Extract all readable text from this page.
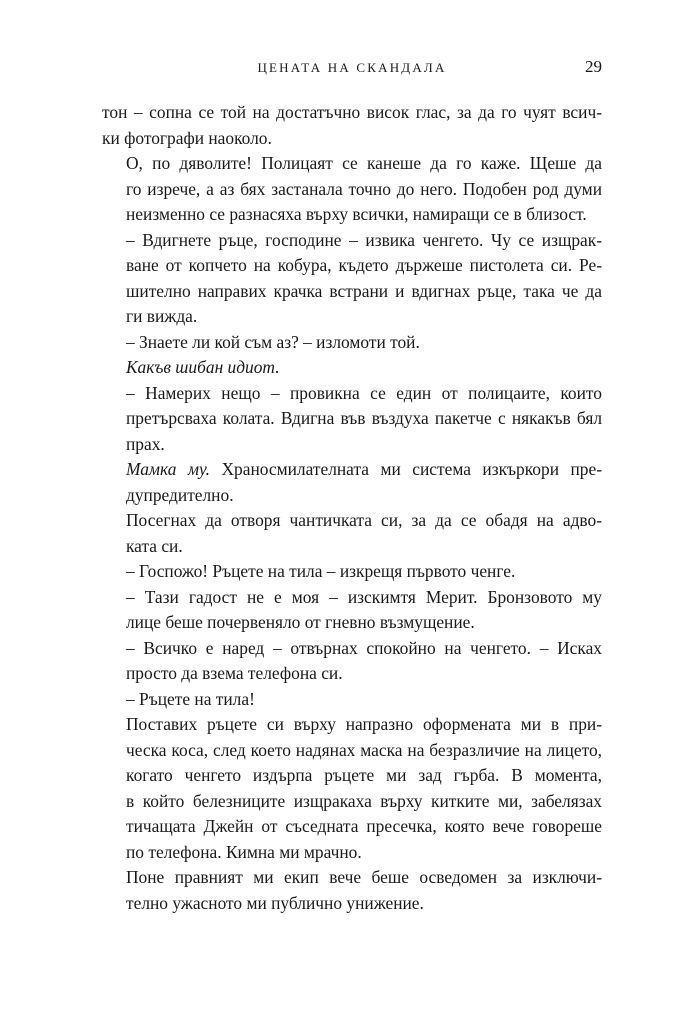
ЦЕНАТА НА СКАНДАЛА	29
тон – сопна се той на достатъчно висок глас, за да го чуят всич-
ки фотографи наоколо.
О, по дяволите! Полицаят се канеше да го каже. Щеше да
го изрече, а аз бях застанала точно до него. Подобен род думи
неизменно се разнасяха върху всички, намиращи се в близост.
– Вдигнете ръце, господине – извика ченгето. Чу се изщрак-
ване от копчето на кобура, където държеше пистолета си. Ре-
шително направих крачка встрани и вдигнах ръце, така че да
ги вижда.
– Знаете ли кой съм аз? – изломоти той.
Какъв шибан идиот.
– Намерих нещо – провикна се един от полицаите, които
претърсваха колата. Вдигна във въздуха пакетче с някакъв бял
прах.
Мамка му. Храносмилателната ми система изкъркори пре-
дупредително.
Посегнах да отворя чантичката си, за да се обадя на адво-
ката си.
– Госпожо! Ръцете на тила – изкрещя първото ченге.
– Тази гадост не е моя – изскимтя Мерит. Бронзовото му
лице беше почервеняло от гневно възмущение.
– Всичко е наред – отвърнах спокойно на ченгето. – Исках
просто да взема телефона си.
– Ръцете на тила!
Поставих ръцете си върху напразно оформената ми в при-
ческа коса, след което надянах маска на безразличие на лицето,
когато ченгето издърпа ръцете ми зад гърба. В момента,
в който белезниците изщракаха върху китките ми, забелязах
тичащата Джейн от съседната пресечка, която вече говореше
по телефона. Кимна ми мрачно.
Поне правният ми екип вече беше осведомен за изключи-
телно ужасното ми публично унижение.
